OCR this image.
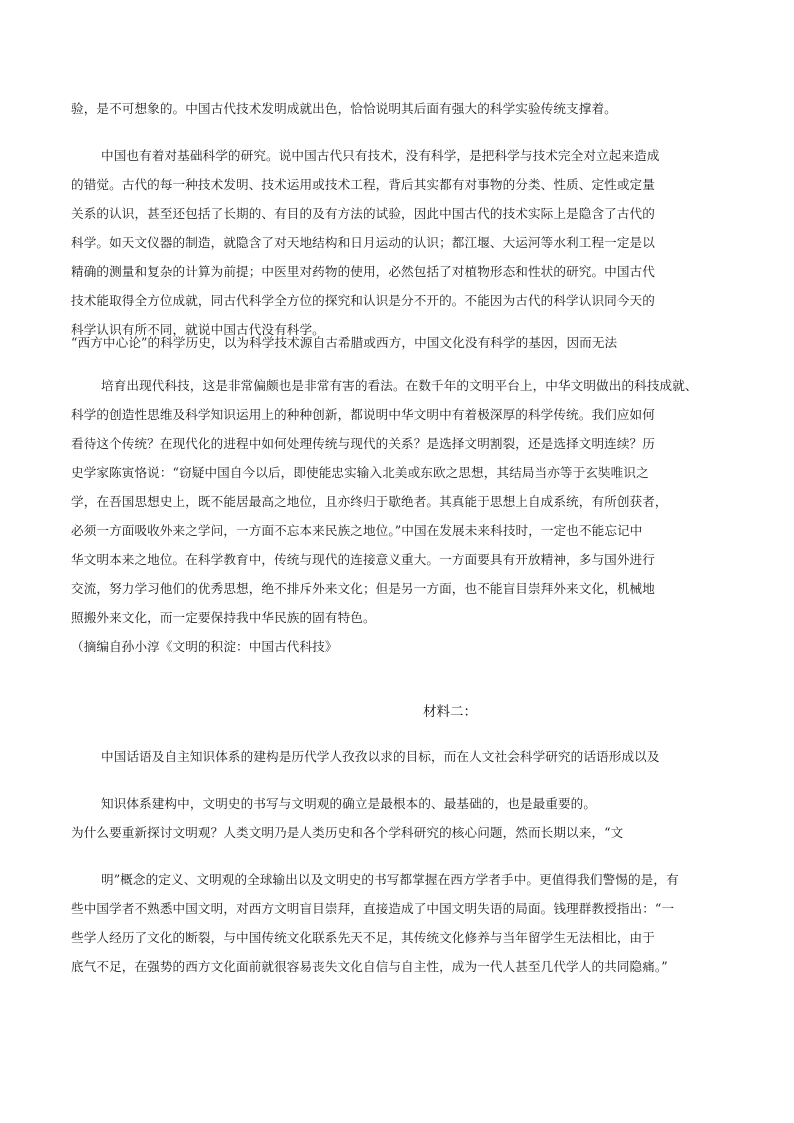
验，是不可想象的。中国古代技术发明成就出色，恰恰说明其后面有强大的科学实验传统支撑着。
中国也有着对基础科学的研究。说中国古代只有技术，没有科学，是把科学与技术完全对立起来造成
的错觉。古代的每一种技术发明、技术运用或技术工程，背后其实都有对事物的分类、性质、定性或定量
关系的认识，甚至还包括了长期的、有目的及有方法的试验，因此中国古代的技术实际上是隐含了古代的
科学。如天文仪器的制造，就隐含了对天地结构和日月运动的认识；都江堰、大运河等水利工程一定是以
精确的测量和复杂的计算为前提；中医里对药物的使用，必然包括了对植物形态和性状的研究。中国古代
技术能取得全方位成就，同古代科学全方位的探究和认识是分不开的。不能因为古代的科学认识同今天的
科学认识有所不同，就说中国古代没有科学。
“西方中心论”的科学历史，以为科学技术源自古希腊或西方，中国文化没有科学的基因，因而无法
培育出现代科技，这是非常偏颇也是非常有害的看法。在数千年的文明平台上，中华文明做出的科技成就、
科学的创造性思维及科学知识运用上的种种创新，都说明中华文明中有着极深厚的科学传统。我们应如何
看待这个传统？在现代化的进程中如何处理传统与现代的关系？是选择文明割裂，还是选择文明连续？历
史学家陈寅恪说：“窃疑中国自今以后，即使能忠实输入北美或东欧之思想，其结局当亦等于玄奘唯识之
学，在吾国思想史上，既不能居最高之地位，且亦终归于歇绝者。其真能于思想上自成系统，有所创获者，
必须一方面吸收外来之学问，一方面不忘本来民族之地位。”中国在发展未来科技时，一定也不能忘记中
华文明本来之地位。在科学教育中，传统与现代的连接意义重大。一方面要具有开放精神，多与国外进行
交流，努力学习他们的优秀思想，绝不排斥外来文化；但是另一方面，也不能盲目崇拜外来文化，机械地
照搬外来文化，而一定要保持我中华民族的固有特色。
（摘编自孙小淳《文明的积淀：中国古代科技》
材料二：
中国话语及自主知识体系的建构是历代学人孜孜以求的目标，而在人文社会科学研究的话语形成以及
知识体系建构中，文明史的书写与文明观的确立是最根本的、最基础的，也是最重要的。
为什么要重新探讨文明观？人类文明乃是人类历史和各个学科研究的核心问题，然而长期以来，“文
明”概念的定义、文明观的全球输出以及文明史的书写都掌握在西方学者手中。更值得我们警惕的是，有
些中国学者不熟悉中国文明，对西方文明盲目崇拜，直接造成了中国文明失语的局面。钱理群教授指出：“一
些学人经历了文化的断裂，与中国传统文化联系先天不足，其传统文化修养与当年留学生无法相比，由于
底气不足，在强势的西方文化面前就很容易丧失文化自信与自主性，成为一代人甚至几代学人的共同隐痛。”
